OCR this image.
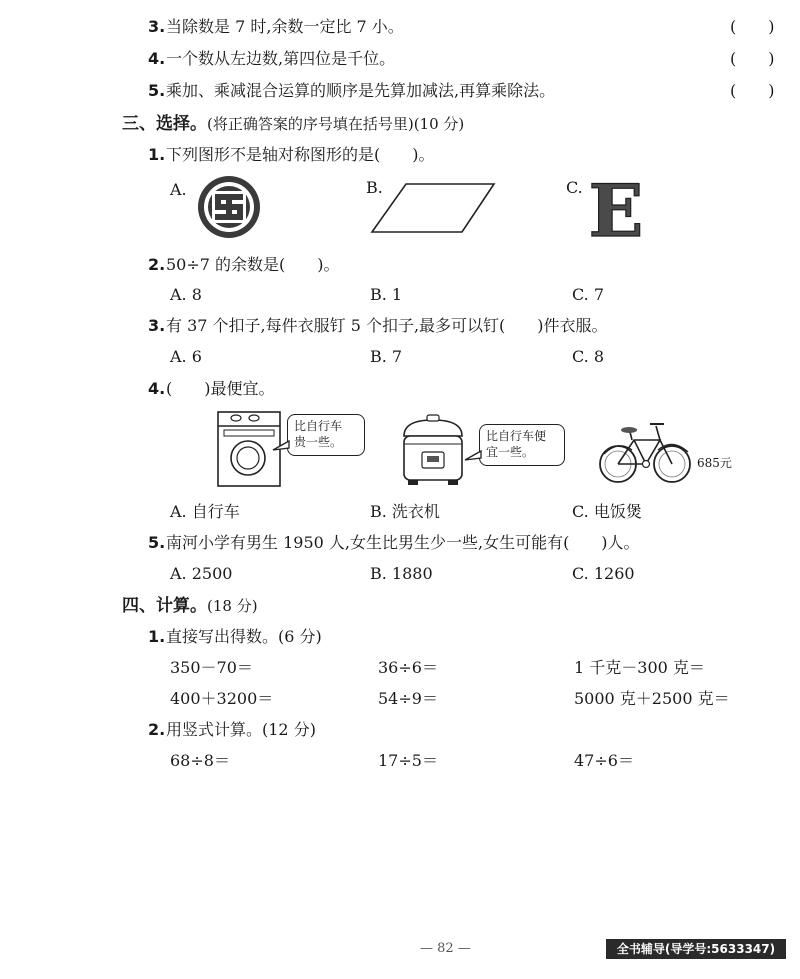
3. 当除数是 7 时,余数一定比 7 小。	(　　)
4. 一个数从左边数,第四位是千位。	(　　)
5. 乘加、乘减混合运算的顺序是先算加减法,再算乘除法。	(　　)
三、选择。(将正确答案的序号填在括号里)(10 分)
1. 下列图形不是轴对称图形的是(　　)。
A.	B.	C. E
2. 50÷7 的余数是(　　)。
A. 8	B. 1	C. 7
3. 有 37 个扣子,每件衣服钉 5 个扣子,最多可以钉(　　)件衣服。
A. 6	B. 7	C. 8
4. (　　)最便宜。
比自行车
贵一些。	比自行车便
宜一些。
685元
A. 自行车	B. 洗衣机	C. 电饭煲
5. 南河小学有男生 1950 人,女生比男生少一些,女生可能有(　　)人。
A. 2500	B. 1880	C. 1260
四、计算。(18 分)
1. 直接写出得数。(6 分)
350－70＝	36÷6＝	1 千克－300 克＝
400＋3200＝	54÷9＝	5000 克＋2500 克＝
2. 用竖式计算。(12 分)
68÷8＝	17÷5＝	47÷6＝
— 82 —	全书辅导(导学号:5633347)
